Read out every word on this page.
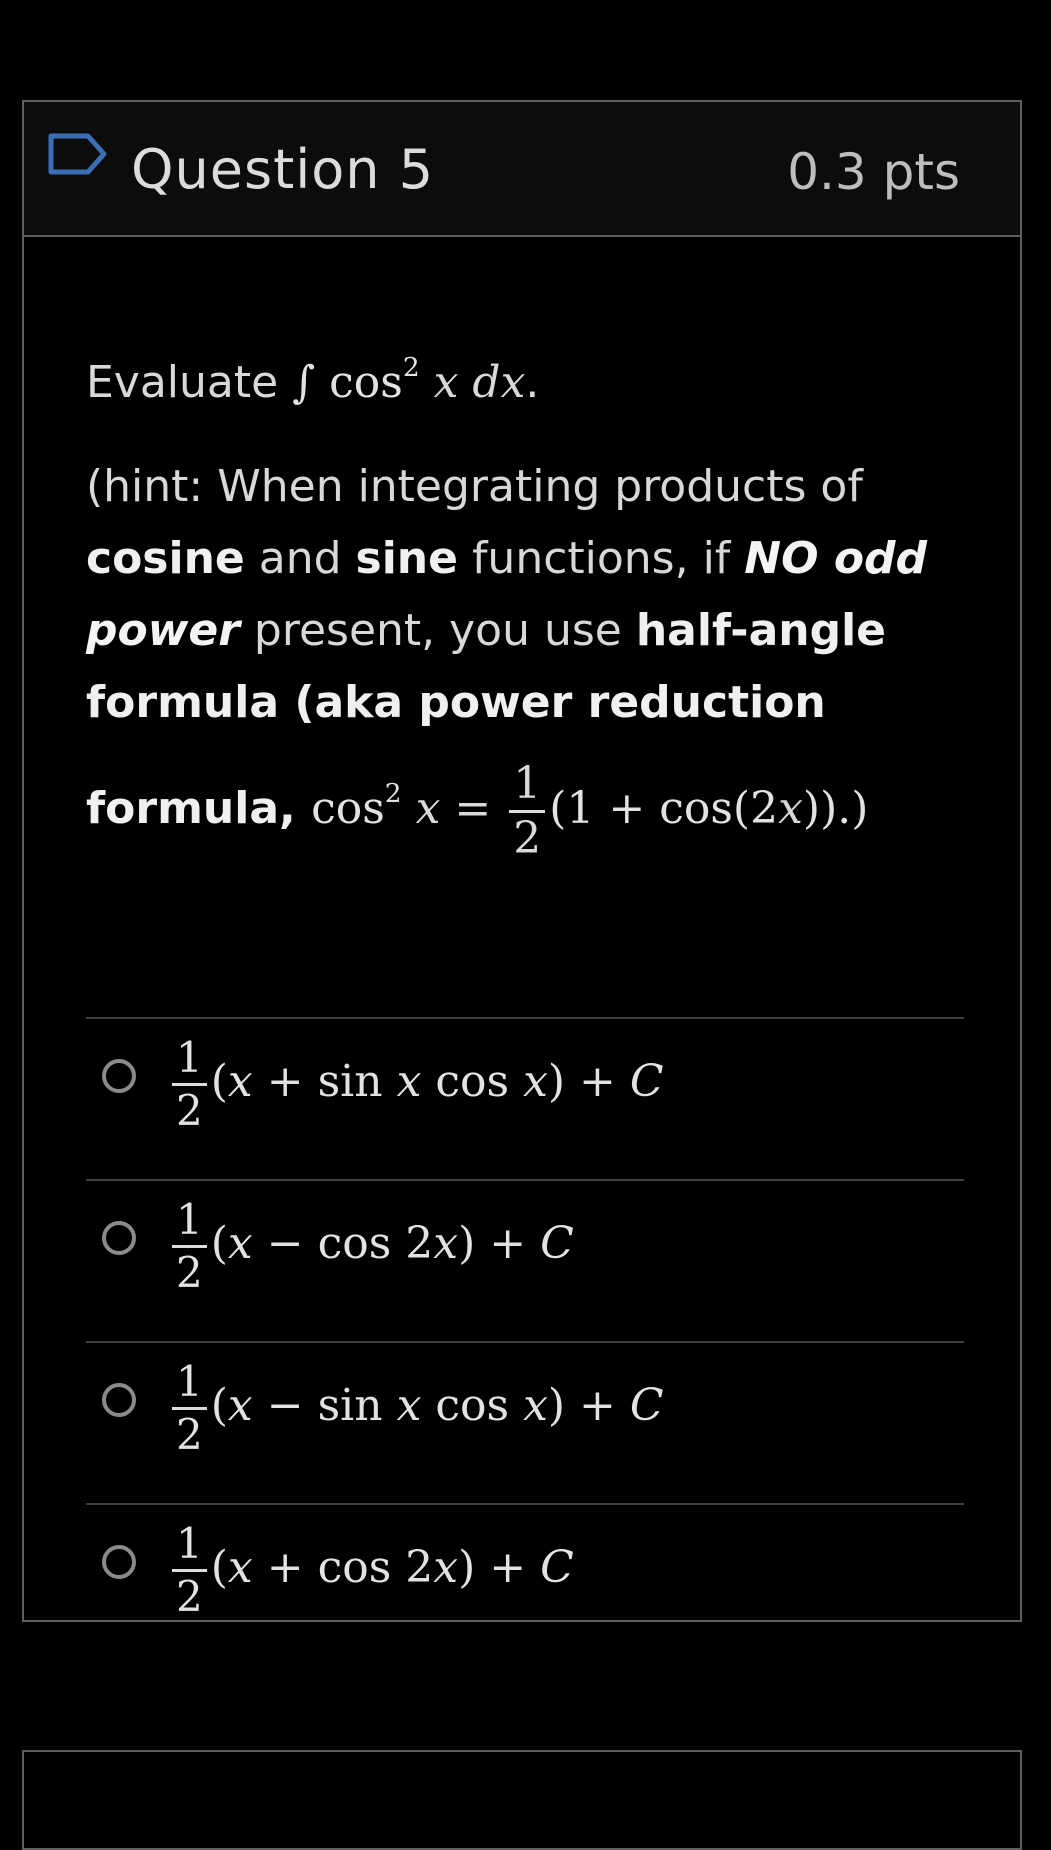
Question 5	0.3 pts
Evaluate ∫ $\cos^2 x$ dx.
(hint: When integrating products of
cosine and sine functions, if NO odd
power present, you use half-angle
formula (aka power reduction
formula, $\cos^2 x = \frac{1}{2} (1 + \cos(2x))$.)
$\frac{1}{2} (x + \sin x$ cos x) + C
$\frac{1}{2} (x - \cos 2x) + C$
$\frac{1}{2} (x - \sin x$ cos x) + C
$\frac{1}{2} (x + \cos 2x) + C$
